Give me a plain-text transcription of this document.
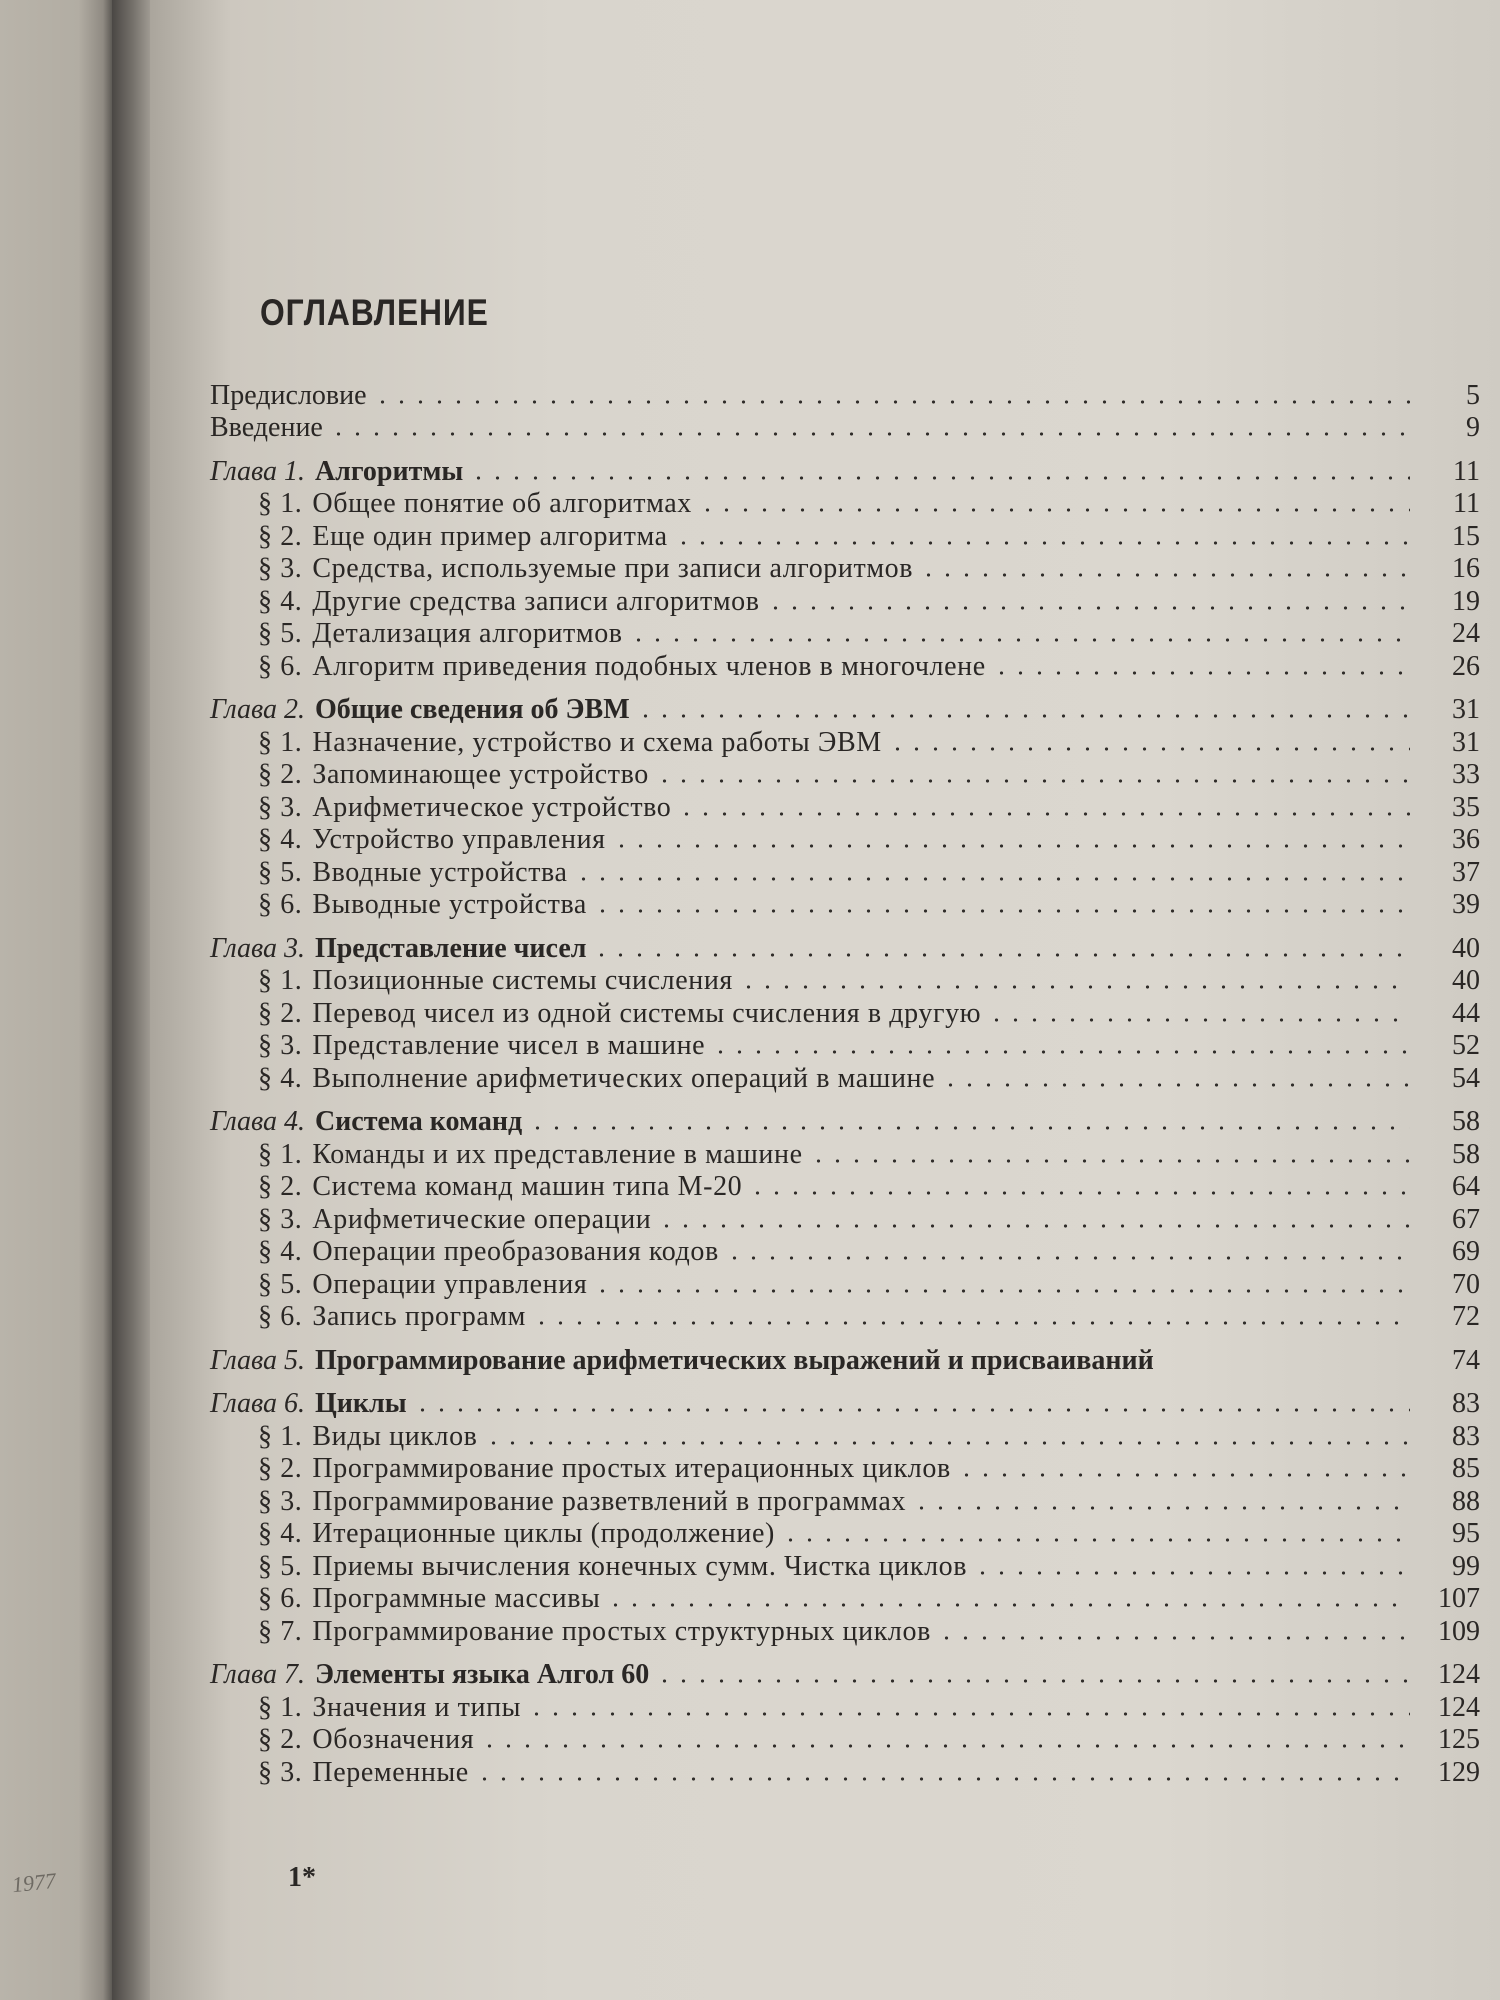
1977
ОГЛАВЛЕНИЕ
Предисловие	5
Введение	9
Глава 1. Алгоритмы	11
§ 1. Общее понятие об алгоритмах	11
§ 2. Еще один пример алгоритма	15
§ 3. Средства, используемые при записи алгоритмов	16
§ 4. Другие средства записи алгоритмов	19
§ 5. Детализация алгоритмов	24
§ 6. Алгоритм приведения подобных членов в многочлене	26
Глава 2. Общие сведения об ЭВМ	31
§ 1. Назначение, устройство и схема работы ЭВМ	31
§ 2. Запоминающее устройство	33
§ 3. Арифметическое устройство	35
§ 4. Устройство управления	36
§ 5. Вводные устройства	37
§ 6. Выводные устройства	39
Глава 3. Представление чисел	40
§ 1. Позиционные системы счисления	40
§ 2. Перевод чисел из одной системы счисления в другую	44
§ 3. Представление чисел в машине	52
§ 4. Выполнение арифметических операций в машине	54
Глава 4. Система команд	58
§ 1. Команды и их представление в машине	58
§ 2. Система команд машин типа М-20	64
§ 3. Арифметические операции	67
§ 4. Операции преобразования кодов	69
§ 5. Операции управления	70
§ 6. Запись программ	72
Глава 5. Программирование арифметических выражений и присваиваний	74
Глава 6. Циклы	83
§ 1. Виды циклов	83
§ 2. Программирование простых итерационных циклов	85
§ 3. Программирование разветвлений в программах	88
§ 4. Итерационные циклы (продолжение)	95
§ 5. Приемы вычисления конечных сумм. Чистка циклов	99
§ 6. Программные массивы	107
§ 7. Программирование простых структурных циклов	109
Глава 7. Элементы языка Алгол 60	124
§ 1. Значения и типы	124
§ 2. Обозначения	125
§ 3. Переменные	129
1*
